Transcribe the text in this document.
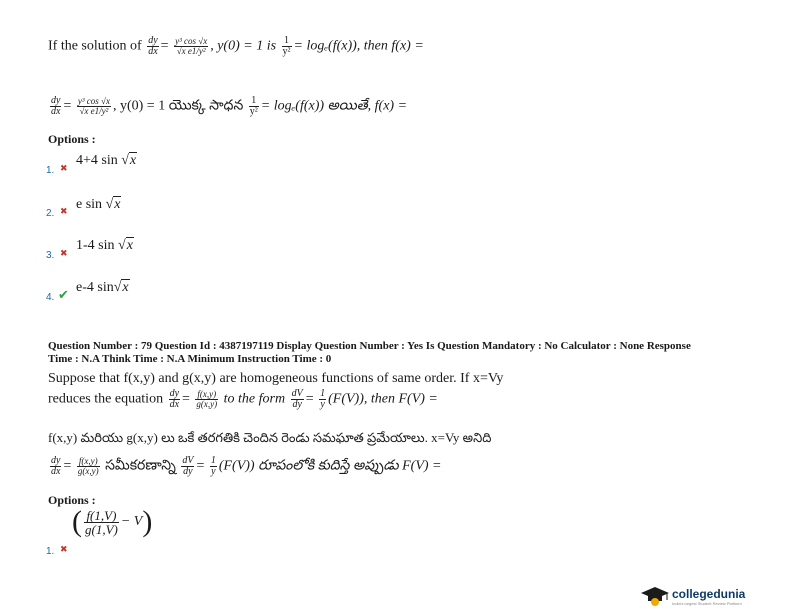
If the solution of $\frac{dy}{dx} = \frac{\text{y³ cos √x}}{\text{√x e1/y²}}$ , y(0) = 1 is $\frac{1}{\text{y²}} = \log_e(f(x))$, then f(x) =
$\frac{dy}{dx} = \frac{\text{y³ cos √x}}{\text{√x e1/y²}}$ , y(0) = 1 యొక్క సాధన $\frac{1}{\text{y²}} = \log_e(f(x))$ అయితే, f(x) =
Options :
1. ✖
4+4 sin √x
2. ✖ e sin √x
3. ✖
1-4 sin √x
4. ✔
e-4 sin√x
Question Number : 79 Question Id : 4387197119 Display Question Number : Yes Is Question Mandatory : No Calculator : None Response
Time : N.A Think Time : N.A Minimum Instruction Time : 0
Suppose that f(x,y) and g(x,y) are homogeneous functions of same order. If x=Vy
reduces the equation $\frac{dy}{dx} = \frac{f(x,y)}{g(x,y)}$ to the form $\frac{dV}{dy} = \frac{1}{y} (F(V))$, then F(V) =
f(x,y) మరియు g(x,y) లు ఒకే తరగతికి చెందిన రెండు సమఘాత ప్రమేయాలు. x=Vy అనిది
$\frac{dy}{dx} = \frac{f(x,y)}{g(x,y)}$ సమీకరణాన్ని $\frac{dV}{dy} = \frac{1}{y} (F(V))$ రూపంలోకి కుదిస్తే అప్పుడు F(V) =
Options :
1. ✖
( $\frac{f(1,V)}{g(1,V)} - V$)
collegedunia
India's largest Student Review Platform
